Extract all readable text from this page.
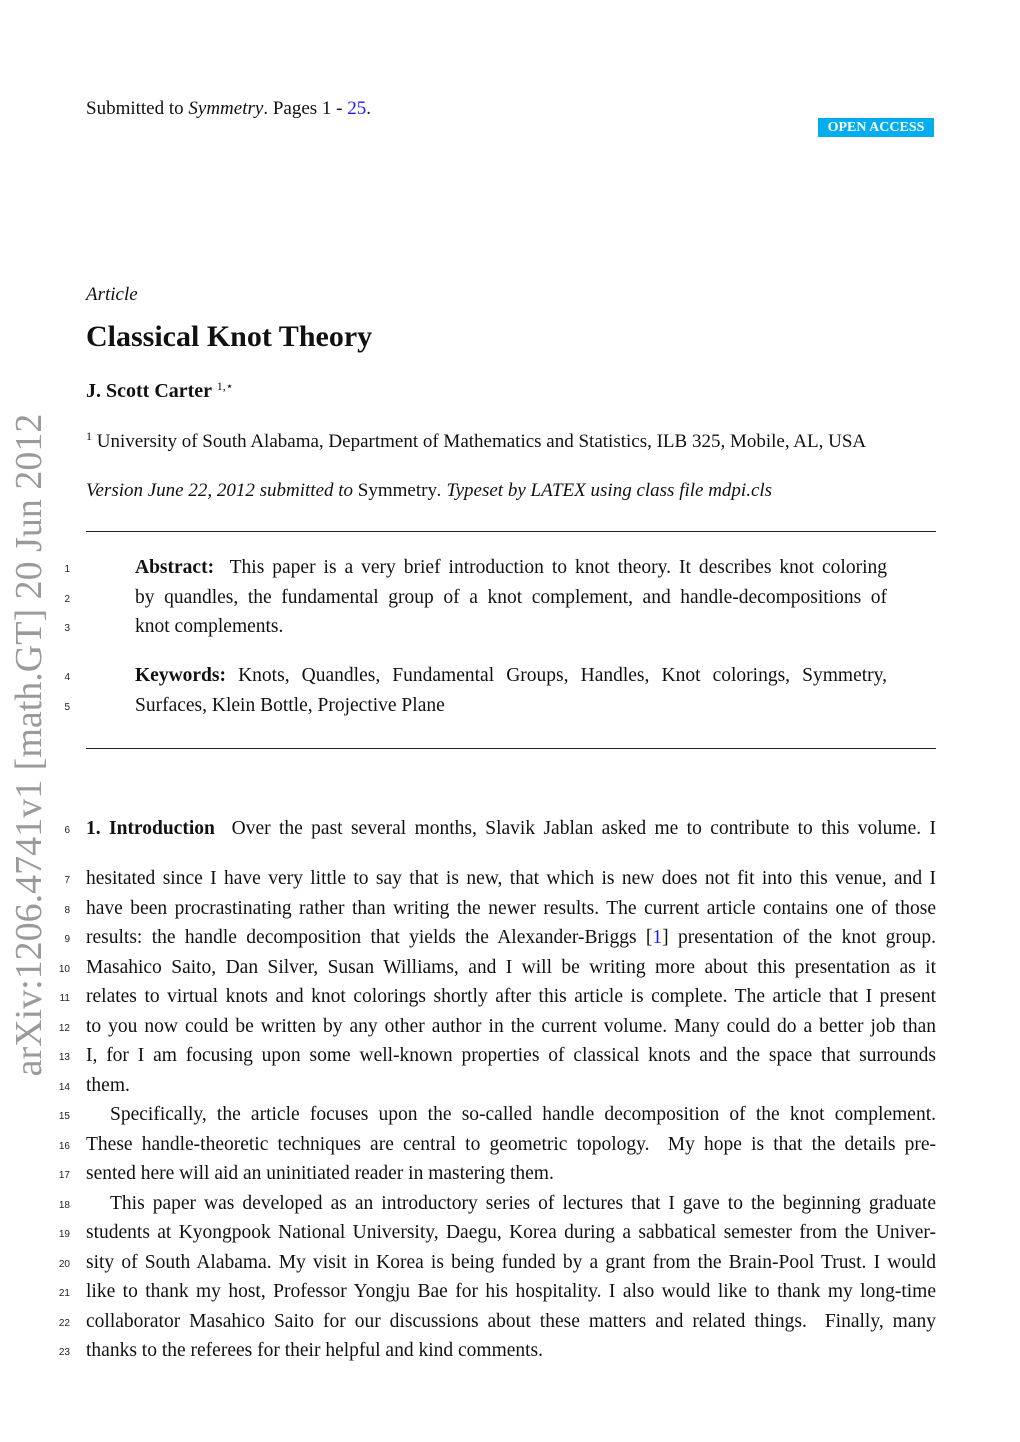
Submitted to Symmetry. Pages 1 - 25.
OPEN ACCESS
arXiv:1206.4741v1 [math.GT] 20 Jun 2012
Article
Classical Knot Theory
J. Scott Carter $^{1,⋆}$
$^1$ University of South Alabama, Department of Mathematics and Statistics, ILB 325, Mobile, AL, USA
Version June 22, 2012 submitted to Symmetry. Typeset by LATEX using class file mdpi.cls
1	Abstract:  This paper is a very brief introduction to knot theory. It describes knot coloring
2	by quandles, the fundamental group of a knot complement, and handle-decompositions of
3	knot complements.
4	Keywords: Knots, Quandles, Fundamental Groups, Handles, Knot colorings, Symmetry,
5	Surfaces, Klein Bottle, Projective Plane
6 1. Introduction  Over the past several months, Slavik Jablan asked me to contribute to this volume. I
7 hesitated since I have very little to say that is new, that which is new does not fit into this venue, and I
8 have been procrastinating rather than writing the newer results. The current article contains one of those
9 results: the handle decomposition that yields the Alexander-Briggs [1] presentation of the knot group.
10 Masahico Saito, Dan Silver, Susan Williams, and I will be writing more about this presentation as it
11 relates to virtual knots and knot colorings shortly after this article is complete. The article that I present
12 to you now could be written by any other author in the current volume. Many could do a better job than
13 I, for I am focusing upon some well-known properties of classical knots and the space that surrounds
14 them.
15 Specifically, the article focuses upon the so-called handle decomposition of the knot complement.
16 These handle-theoretic techniques are central to geometric topology.  My hope is that the details pre-
17 sented here will aid an uninitiated reader in mastering them.
18 This paper was developed as an introductory series of lectures that I gave to the beginning graduate
19 students at Kyongpook National University, Daegu, Korea during a sabbatical semester from the Univer-
20 sity of South Alabama. My visit in Korea is being funded by a grant from the Brain-Pool Trust. I would
21 like to thank my host, Professor Yongju Bae for his hospitality. I also would like to thank my long-time
22 collaborator Masahico Saito for our discussions about these matters and related things.  Finally, many
23 thanks to the referees for their helpful and kind comments.
